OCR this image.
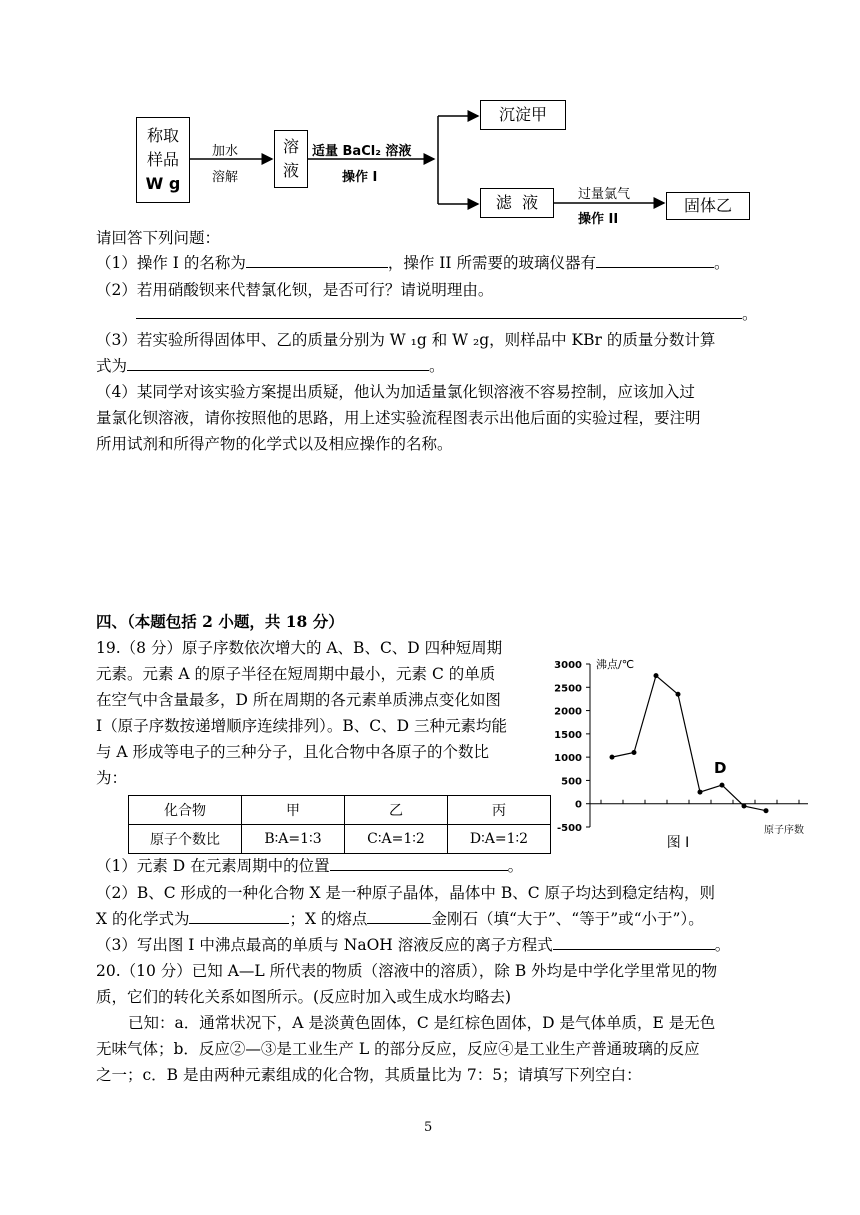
称取
样品
W g
加水
溶解
溶
液
适量 BaCl₂ 溶液
操作 I
沉淀甲
滤  液	过量氯气
操作 II
固体乙
请回答下列问题：
（1）操作 I 的名称为	，操作 II 所需要的玻璃仪器有	。
（2）若用硝酸钡来代替氯化钡，是否可行？请说明理由。
。
（3）若实验所得固体甲、乙的质量分别为 W ₁g 和 W ₂g，则样品中 KBr 的质量分数计算
式为	。
（4）某同学对该实验方案提出质疑，他认为加适量氯化钡溶液不容易控制，应该加入过
量氯化钡溶液，请你按照他的思路，用上述实验流程图表示出他后面的实验过程，要注明
所用试剂和所得产物的化学式以及相应操作的名称。
四、（本题包括 2 小题，共 18 分）
19.（8 分）原子序数依次增大的 A、B、C、D 四种短周期
元素。元素 A 的原子半径在短周期中最小，元素 C 的单质
在空气中含量最多，D 所在周期的各元素单质沸点变化如图
I（原子序数按递增顺序连续排列）。B、C、D 三种元素均能
与 A 形成等电子的三种分子，且化合物中各原子的个数比
为：
化合物	甲	乙	丙
原子个数比	B∶A=1∶3	C∶A=1∶2	D∶A=1∶2
3000
2500
2000
1500
1000
500
0
-500
D
沸点/℃
原子序数
图 I
（1）元素 D 在元素周期中的位置	。
（2）B、C 形成的一种化合物 X 是一种原子晶体，晶体中 B、C 原子均达到稳定结构，则
X 的化学式为	；X 的熔点	金刚石（填“大于”、“等于”或“小于”）。
（3）写出图 I 中沸点最高的单质与 NaOH 溶液反应的离子方程式	。
20.（10 分）已知 A—L 所代表的物质（溶液中的溶质），除 B 外均是中学化学里常见的物
质，它们的转化关系如图所示。(反应时加入或生成水均略去)
已知：a．通常状况下，A 是淡黄色固体，C 是红棕色固体，D 是气体单质，E 是无色
无味气体；b．反应②—③是工业生产 L 的部分反应，反应④是工业生产普通玻璃的反应
之一；c．B 是由两种元素组成的化合物，其质量比为 7：5；请填写下列空白：
5
